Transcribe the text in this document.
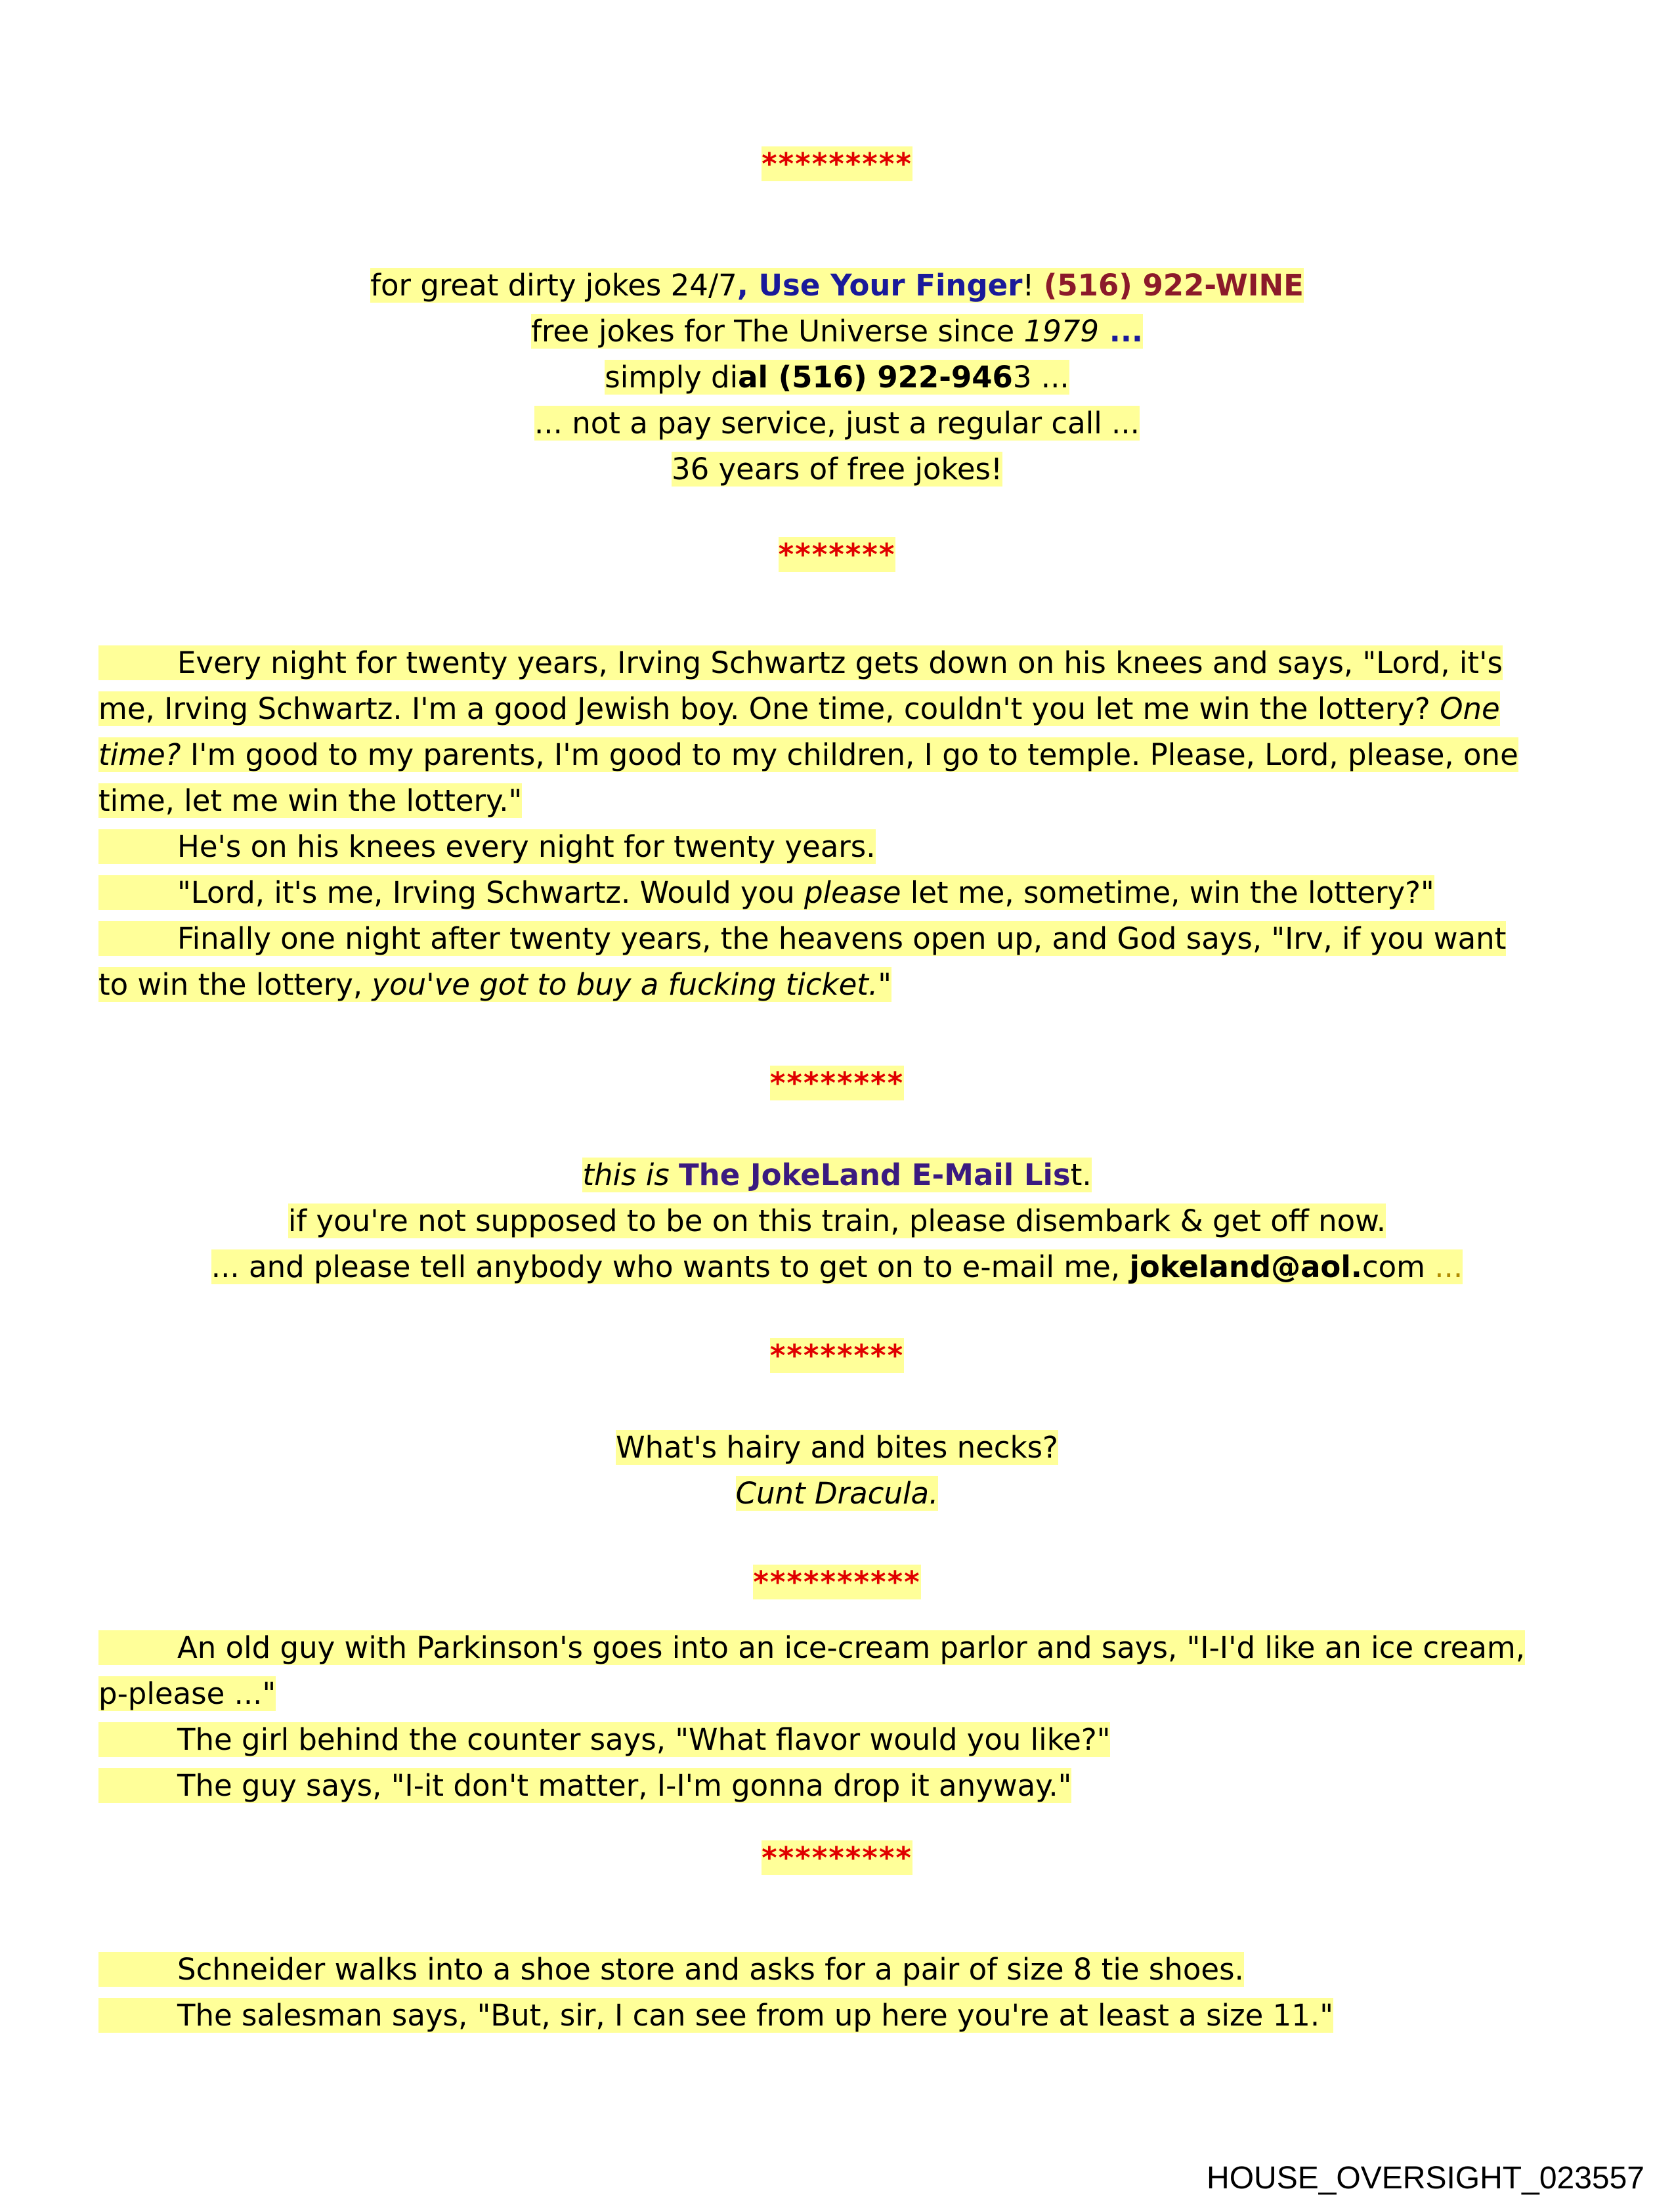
*********
for great dirty jokes 24/7, Use Your Finger! (516) 922-WINE
free jokes for The Universe since 1979 ...
simply dial (516) 922-9463 ...
... not a pay service, just a regular call ...
36 years of free jokes!
*******
Every night for twenty years, Irving Schwartz gets down on his knees and says, "Lord, it's
me, Irving Schwartz. I'm a good Jewish boy. One time, couldn't you let me win the lottery? One
time? I'm good to my parents, I'm good to my children, I go to temple. Please, Lord, please, one
time, let me win the lottery."
He's on his knees every night for twenty years.
"Lord, it's me, Irving Schwartz. Would you please let me, sometime, win the lottery?"
Finally one night after twenty years, the heavens open up, and God says, "Irv, if you want
to win the lottery, you've got to buy a fucking ticket."
********
this is The JokeLand E-Mail List.
if you're not supposed to be on this train, please disembark & get off now.
... and please tell anybody who wants to get on to e-mail me, jokeland@aol.com ...
********
What's hairy and bites necks?
Cunt Dracula.
**********
An old guy with Parkinson's goes into an ice-cream parlor and says, "I-I'd like an ice cream,
p-please ..."
The girl behind the counter says, "What flavor would you like?"
The guy says, "I-it don't matter, I-I'm gonna drop it anyway."
*********
Schneider walks into a shoe store and asks for a pair of size 8 tie shoes.
The salesman says, "But, sir, I can see from up here you're at least a size 11."
HOUSE_OVERSIGHT_023557
